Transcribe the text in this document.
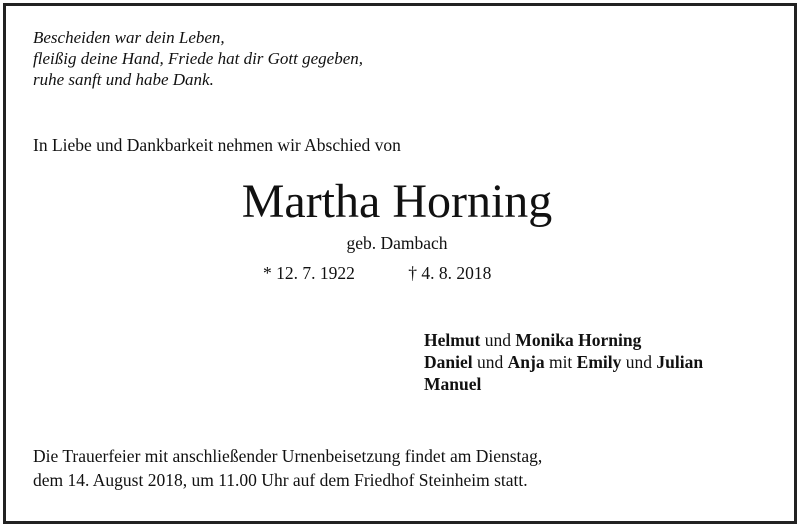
Bescheiden war dein Leben,
fleißig deine Hand, Friede hat dir Gott gegeben,
ruhe sanft und habe Dank.
In Liebe und Dankbarkeit nehmen wir Abschied von
Martha Horning
geb. Dambach
* 12. 7. 1922	† 4. 8. 2018
Helmut und Monika Horning
Daniel und Anja mit Emily und Julian
Manuel
Die Trauerfeier mit anschließender Urnenbeisetzung findet am Dienstag,
dem 14. August 2018, um 11.00 Uhr auf dem Friedhof Steinheim statt.
